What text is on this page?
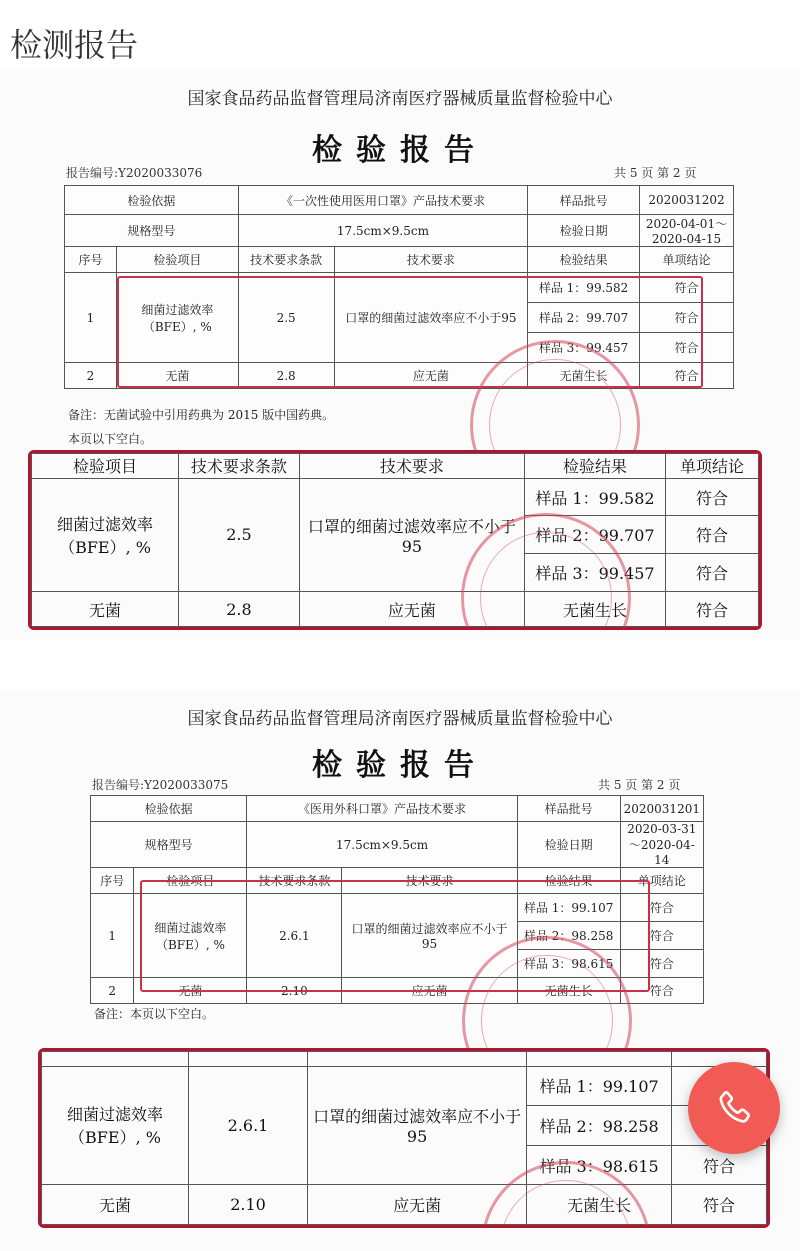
检测报告
国家食品药品监督管理局济南医疗器械质量监督检验中心
检验报告
报告编号:Y2020033076	共 5 页 第 2 页
检验依据		《一次性使用医用口罩》产品技术要求		样品批号	2020031202
规格型号		17.5cm×9.5cm		检验日期	2020-04-01～2020-04-15
序号	检验项目	技术要求条款	技术要求	检验结果	单项结论
1	细菌过滤效率（BFE）, %	2.5	口罩的细菌过滤效率应不小于95	样品 1：99.582	符合
				样品 2：99.707	符合
				样品 3：99.457	符合
2	无菌	2.8	应无菌	无菌生长	符合
备注：无菌试验中引用药典为 2015 版中国药典。
本页以下空白。
检验项目	技术要求条款	技术要求	检验结果	单项结论
细菌过滤效率（BFE）, %	2.5	口罩的细菌过滤效率应不小于95	样品 1：99.582	符合
			样品 2：99.707	符合
			样品 3：99.457	符合
无菌	2.8	应无菌	无菌生长	符合
国家食品药品监督管理局济南医疗器械质量监督检验中心
检验报告
报告编号:Y2020033075	共 5 页 第 2 页
检验依据		《医用外科口罩》产品技术要求		样品批号	2020031201
规格型号		17.5cm×9.5cm		检验日期	2020-03-31～2020-04-14
序号	检验项目	技术要求条款	技术要求	检验结果	单项结论
1	细菌过滤效率（BFE）, %	2.6.1	口罩的细菌过滤效率应不小于95	样品 1：99.107	符合
				样品 2：98.258	符合
				样品 3：98.615	符合
2	无菌	2.10	应无菌	无菌生长	符合
备注：本页以下空白。

细菌过滤效率（BFE）, %	2.6.1	口罩的细菌过滤效率应不小于95	样品 1：99.107	
			样品 2：98.258	
			样品 3：98.615	符合
无菌	2.10	应无菌	无菌生长	符合
